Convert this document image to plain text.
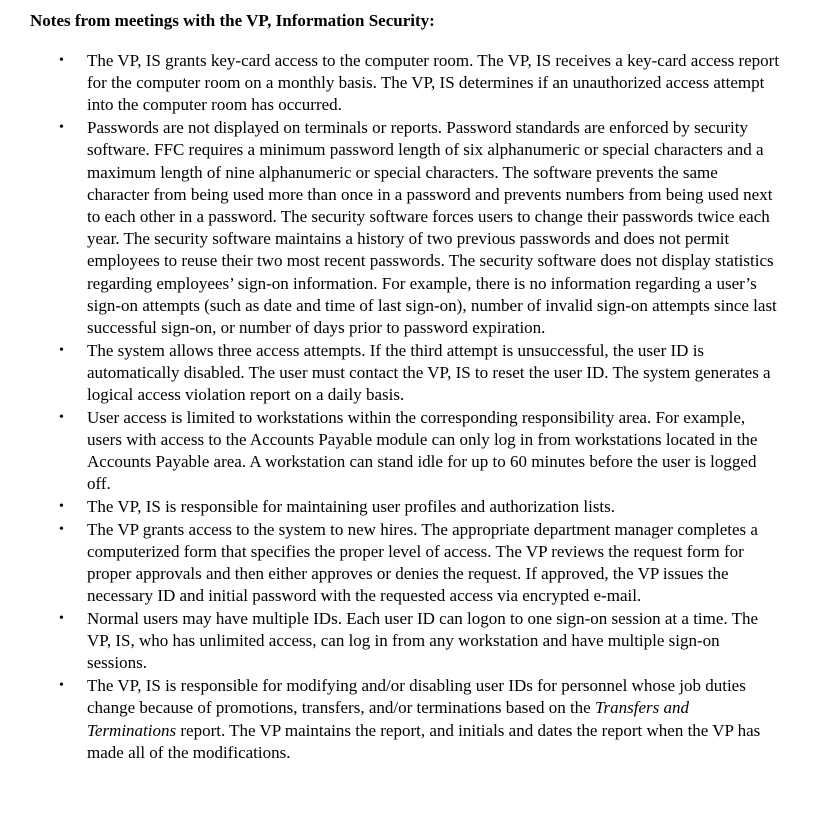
Notes from meetings with the VP, Information Security:
• The VP, IS grants key-card access to the computer room. The VP, IS receives a key-card access report for the computer room on a monthly basis. The VP, IS determines if an unauthorized access attempt into the computer room has occurred.
• Passwords are not displayed on terminals or reports. Password standards are enforced by security software. FFC requires a minimum password length of six alphanumeric or special characters and a maximum length of nine alphanumeric or special characters. The software prevents the same character from being used more than once in a password and prevents numbers from being used next to each other in a password. The security software forces users to change their passwords twice each year. The security software maintains a history of two previous passwords and does not permit employees to reuse their two most recent passwords. The security software does not display statistics regarding employees’ sign-on information. For example, there is no information regarding a user’s sign-on attempts (such as date and time of last sign-on), number of invalid sign-on attempts since last successful sign-on, or number of days prior to password expiration.
• The system allows three access attempts. If the third attempt is unsuccessful, the user ID is automatically disabled. The user must contact the VP, IS to reset the user ID. The system generates a logical access violation report on a daily basis.
• User access is limited to workstations within the corresponding responsibility area. For example, users with access to the Accounts Payable module can only log in from workstations located in the Accounts Payable area. A workstation can stand idle for up to 60 minutes before the user is logged off.
• The VP, IS is responsible for maintaining user profiles and authorization lists.
• The VP grants access to the system to new hires. The appropriate department manager completes a computerized form that specifies the proper level of access. The VP reviews the request form for proper approvals and then either approves or denies the request. If approved, the VP issues the necessary ID and initial password with the requested access via encrypted e-mail.
• Normal users may have multiple IDs. Each user ID can logon to one sign-on session at a time. The VP, IS, who has unlimited access, can log in from any workstation and have multiple sign-on sessions.
• The VP, IS is responsible for modifying and/or disabling user IDs for personnel whose job duties change because of promotions, transfers, and/or terminations based on the Transfers and Terminations report. The VP maintains the report, and initials and dates the report when the VP has made all of the modifications.
